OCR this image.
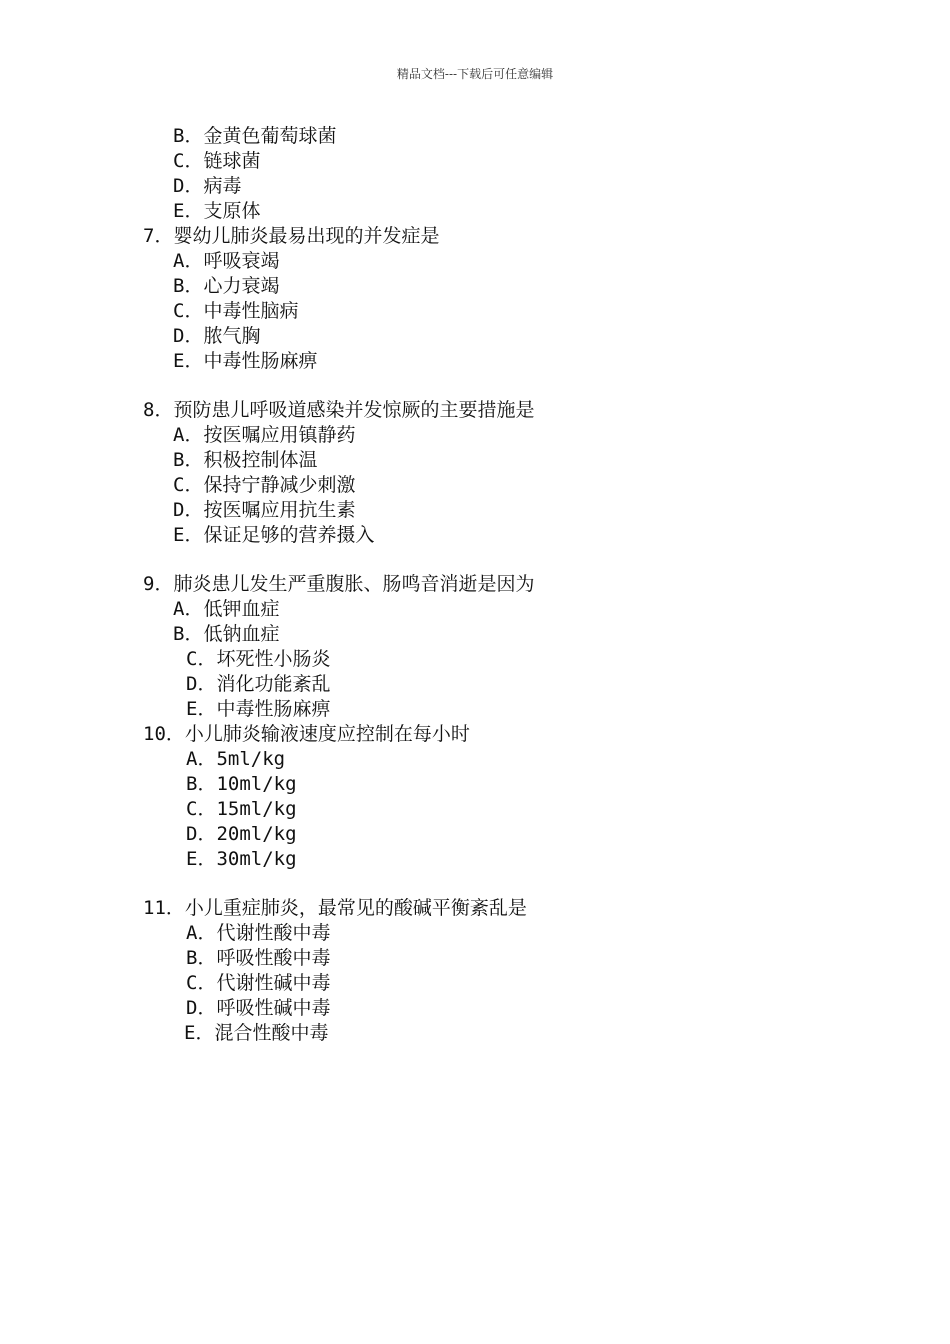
精品文档---下载后可任意编辑
B．金黄色葡萄球菌
C．链球菌
D．病毒
E．支原体
7．婴幼儿肺炎最易出现的并发症是
A．呼吸衰竭
B．心力衰竭
C．中毒性脑病
D．脓气胸
E．中毒性肠麻痹
8．预防患儿呼吸道感染并发惊厥的主要措施是
A．按医嘱应用镇静药
B．积极控制体温
C．保持宁静减少刺激
D．按医嘱应用抗生素
E．保证足够的营养摄入
9．肺炎患儿发生严重腹胀、肠鸣音消逝是因为
A．低钾血症
B．低钠血症
C．坏死性小肠炎
D．消化功能紊乱
E．中毒性肠麻痹
10．小儿肺炎输液速度应控制在每小时
A．5ml/kg
B．10ml/kg
C．15ml/kg
D．20ml/kg
E．30ml/kg
11．小儿重症肺炎，最常见的酸碱平衡紊乱是
A．代谢性酸中毒
B．呼吸性酸中毒
C．代谢性碱中毒
D．呼吸性碱中毒
E．混合性酸中毒
